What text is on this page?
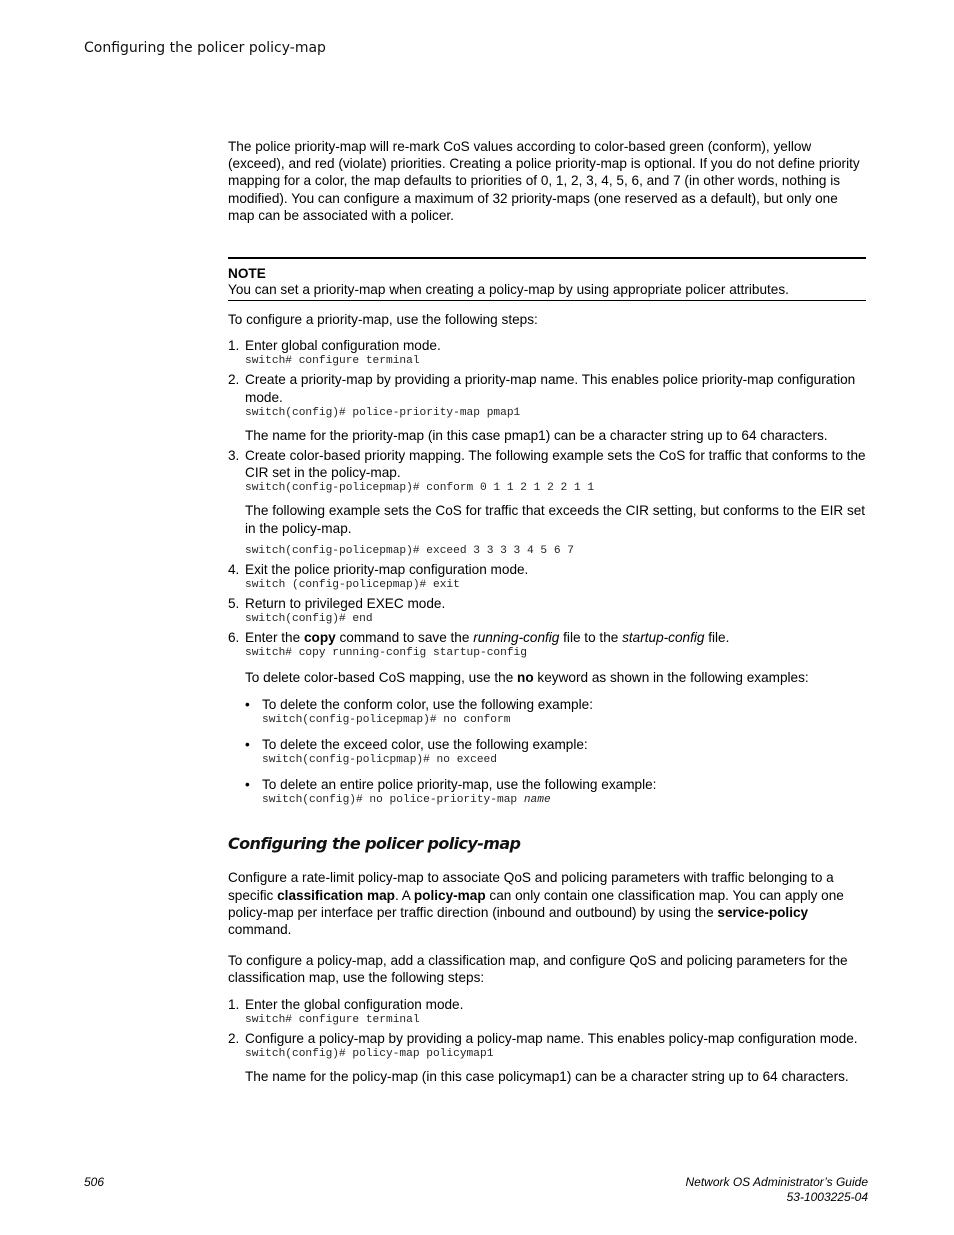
Configuring the policer policy-map

The police priority-map will re-mark CoS values according to color-based green (conform), yellow (exceed), and red (violate) priorities. Creating a police priority-map is optional. If you do not define priority mapping for a color, the map defaults to priorities of 0, 1, 2, 3, 4, 5, 6, and 7 (in other words, nothing is modified). You can configure a maximum of 32 priority-maps (one reserved as a default), but only one map can be associated with a policer.

NOTE
You can set a priority-map when creating a policy-map by using appropriate policer attributes.

To configure a priority-map, use the following steps:

1. Enter global configuration mode.
switch# configure terminal
2. Create a priority-map by providing a priority-map name. This enables police priority-map configuration mode.
switch(config)# police-priority-map pmap1
The name for the priority-map (in this case pmap1) can be a character string up to 64 characters.
3. Create color-based priority mapping. The following example sets the CoS for traffic that conforms to the CIR set in the policy-map.
switch(config-policepmap)# conform 0 1 1 2 1 2 2 1 1
The following example sets the CoS for traffic that exceeds the CIR setting, but conforms to the EIR set in the policy-map.
switch(config-policepmap)# exceed 3 3 3 3 4 5 6 7
4. Exit the police priority-map configuration mode.
switch (config-policepmap)# exit
5. Return to privileged EXEC mode.
switch(config)# end
6. Enter the copy command to save the running-config file to the startup-config file.
switch# copy running-config startup-config
To delete color-based CoS mapping, use the no keyword as shown in the following examples:
• To delete the conform color, use the following example:
switch(config-policepmap)# no conform
• To delete the exceed color, use the following example:
switch(config-policpmap)# no exceed
• To delete an entire police priority-map, use the following example:
switch(config)# no police-priority-map name
Configuring the policer policy-map

Configure a rate-limit policy-map to associate QoS and policing parameters with traffic belonging to a specific classification map. A policy-map can only contain one classification map. You can apply one policy-map per interface per traffic direction (inbound and outbound) by using the service-policy command.

To configure a policy-map, add a classification map, and configure QoS and policing parameters for the classification map, use the following steps:

1. Enter the global configuration mode.
switch# configure terminal
2. Configure a policy-map by providing a policy-map name. This enables policy-map configuration mode.
switch(config)# policy-map policymap1
The name for the policy-map (in this case policymap1) can be a character string up to 64 characters.
506	Network OS Administrator’s Guide
53-1003225-04
